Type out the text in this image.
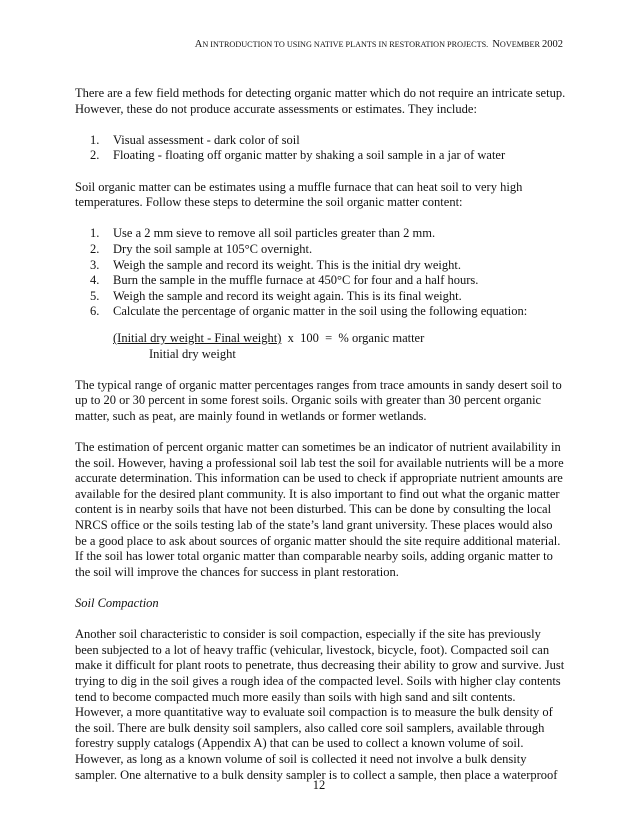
AN INTRODUCTION TO USING NATIVE PLANTS IN RESTORATION PROJECTS. NOVEMBER 2002

There are a few field methods for detecting organic matter which do not require an intricate setup. However, these do not produce accurate assessments or estimates. They include:

1. Visual assessment - dark color of soil
2. Floating - floating off organic matter by shaking a soil sample in a jar of water

Soil organic matter can be estimates using a muffle furnace that can heat soil to very high temperatures. Follow these steps to determine the soil organic matter content:

1. Use a 2 mm sieve to remove all soil particles greater than 2 mm.
2. Dry the soil sample at 105°C overnight.
3. Weigh the sample and record its weight. This is the initial dry weight.
4. Burn the sample in the muffle furnace at 450°C for four and a half hours.
5. Weigh the sample and record its weight again. This is its final weight.
6. Calculate the percentage of organic matter in the soil using the following equation:
(Initial dry weight - Final weight)  x  100  =  % organic matter
Initial dry weight

The typical range of organic matter percentages ranges from trace amounts in sandy desert soil to up to 20 or 30 percent in some forest soils. Organic soils with greater than 30 percent organic matter, such as peat, are mainly found in wetlands or former wetlands.

The estimation of percent organic matter can sometimes be an indicator of nutrient availability in the soil. However, having a professional soil lab test the soil for available nutrients will be a more accurate determination. This information can be used to check if appropriate nutrient amounts are available for the desired plant community. It is also important to find out what the organic matter content is in nearby soils that have not been disturbed. This can be done by consulting the local NRCS office or the soils testing lab of the state’s land grant university. These places would also be a good place to ask about sources of organic matter should the site require additional material. If the soil has lower total organic matter than comparable nearby soils, adding organic matter to the soil will improve the chances for success in plant restoration.

Soil Compaction

Another soil characteristic to consider is soil compaction, especially if the site has previously been subjected to a lot of heavy traffic (vehicular, livestock, bicycle, foot). Compacted soil can make it difficult for plant roots to penetrate, thus decreasing their ability to grow and survive. Just trying to dig in the soil gives a rough idea of the compacted level. Soils with higher clay contents tend to become compacted much more easily than soils with high sand and silt contents. However, a more quantitative way to evaluate soil compaction is to measure the bulk density of the soil. There are bulk density soil samplers, also called core soil samplers, available through forestry supply catalogs (Appendix A) that can be used to collect a known volume of soil. However, as long as a known volume of soil is collected it need not involve a bulk density sampler. One alternative to a bulk density sampler is to collect a sample, then place a waterproof

12
